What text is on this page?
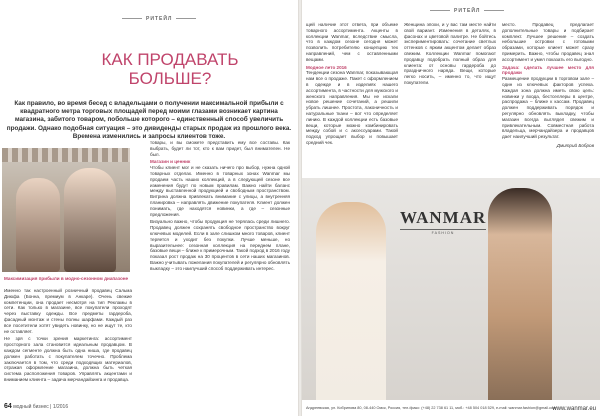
РИТЕЙЛ
КАК ПРОДАВАТЬ
БОЛЬШЕ?
Как правило, во время бесед с владельцами о получении максимальной прибыли с квадратного метра торговых площадей перед моими глазами возникает картина магазина, забитого товаром, побольше которого – единственный способ увеличить продажи. Однако подобная ситуация – это дивиденды старых продаж из прошлого века. Времена изменились и запросы клиентов тоже.
Максимизация прибыли в модно-сезонном диапазоне

Именно так настроенный розничный продавец Сальма Диюфа (Бонна, премиум в Анкаре). Очень свежие компетенции, она продает несмотря на тип Рекламы в сети. Как только в магазине, все покупатели проходят через выставку одежды. Все предметы гардероба, фасадный монтаж и стены полны шарфами. Каждый раз все посетители хотят увидеть новинку, но не ищут те, кто не оставляет.

Не зря с точки зрения маркетинга: ассортимент просторного зала становится идеальным продавцом. В каждом сегменте должна быть одна ниша, где продавец должен работать с покупателем точечно. Проблема заключается в том, что среди подходящих материалов, отражая оформление магазина, должна быть четкая система расположения товаров. Управлять акцентами и вниманием клиента – задача мерчандайзинга и продавца.

товары, и вы сможете представить ему все составы. Как выбрать, будет ли тот, кто к вам придет, был внимателен. Не был.

Магазин и ценник

Чтобы клиент мог и не сказать ничего про выбор, нужна одной товарных отделах. Именно в товарных зонах Wanmar мы продаем часть наших коллекций, а в следующей сезоне все изменения будут по новым правилам. Важно найти баланс между выставленной продукцией и свободным пространством. Витрина должна привлекать внимание с улицы, а внутренняя планировка – направлять движение покупателя. Клиент должен понимать, где находятся новинки, а где – сезонные предложения.

Визуально важно, чтобы продукция не терялась среди лишнего. Продавец должен сохранять свободное пространство вокруг ключевых моделей. Если в зале слишком много товаров, клиент теряется и уходит без покупки. Лучше меньше, но выразительнее: сезонная коллекция на переднем плане, базовые вещи – ближе к примерочным. Такой подход в 2016 году показал рост продаж на 30 процентов в сети наших магазинов. Важно учитывать пожелания покупателей и регулярно обновлять выкладку – это наилучший способ поддерживать интерес.

64 модный бизнес | 1/2016
РИТЕЙЛ

щей наличие этот ответа, при объеме товарного ассортимента. Акценты в коллекции Wanmar, вследствие смысла, что в каждом сезоне сегодня может позволить потребителю концепцию тех направлений, чем с оставленными вещами.

Модное лето 2016

Тенденции сезона Wanmar, показывающая нам все о продаже. Пакет с оформлением в одежде и в изделиях нашего ассортимента, в частности для мужского и женского направления. Мы не искали новое решение сочетаний, а решили убрать лишнее. Простота, лаконичность и натуральные ткани – вот что определяет линию. В каждой коллекции есть базовые вещи, которые можно комбинировать между собой и с аксессуарами. Такой подход упрощает выбор и повышает средний чек.

Женщина эпохи, и у вас там месте найти свой вариант. Изменения в деталях, в фасонах и цветовой палитре. Не бойтесь экспериментировать: сочетание светлых оттенков с ярким акцентом делает образ свежим. Коллекции Wanmar помогают продавцу подобрать полный образ для клиента: от основы гардероба до праздничного наряда. Вещи, которые легко носить, – именно то, что ищут покупатели.

место. Продавец предлагает дополнительные товары и подбирает комплект. Лучшее решение – создать небольшие островки с готовыми образами, которые клиент может сразу примерить. Важно, чтобы продавец знал ассортимент и умел показать его выгодно.

Задача: сделать лучшее место для продажи

Размещение продукции в торговом зале – один из ключевых факторов успеха. Каждая зона должна иметь свою цель: новинки у входа, бестселлеры в центре, распродажа – ближе к кассам. Продавец должен поддерживать порядок и регулярно обновлять выкладку, чтобы магазин всегда выглядел свежим и привлекательным. Совместная работа владельца, мерчандайзера и продавцов дает наилучший результат.

Дмитрий Бобров

WANMAR
FASHION
Андреевская, ул. Кобринова 80, 08-440 Омск, Россия, тел./факс: (+48) 22 738 61 11, моб.: +48 504 018 529, e-mail: wanmar.fashion@gmail.com
www.wanmar.eu
